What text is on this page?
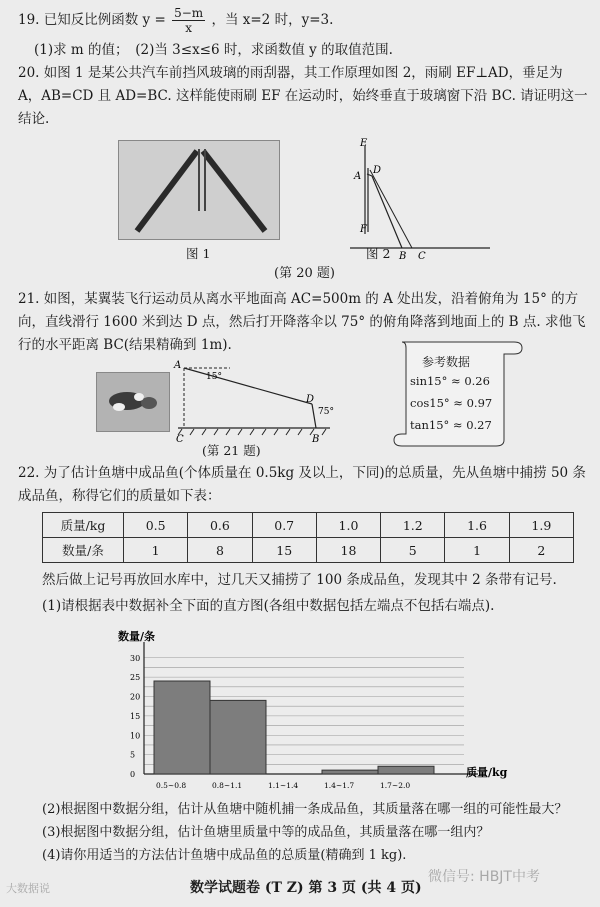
19. 已知反比例函数 $y = \frac{5-m}{x}$ ，当 x=2 时，y=3.
(1)求 m 的值；　(2)当 3≤x≤6 时，求函数值 y 的取值范围.
20. 如图 1 是某公共汽车前挡风玻璃的雨刮器，其工作原理如图 2，雨刷 EF⊥AD，垂足为 A，AB=CD 且 AD=BC. 这样能使雨刷 EF 在运动时，始终垂直于玻璃窗下沿 BC. 请证明这一结论.
图 1
E
A
D
F
B C
图 2
(第 20 题)
21. 如图，某翼装飞行运动员从离水平地面高 AC=500m 的 A 处出发，沿着俯角为 15° 的方向，直线滑行 1600 米到达 D 点，然后打开降落伞以 75° 的俯角降落到地面上的 B 点. 求他飞行的水平距离 BC(结果精确到 1m).
A
15°
D
75°
C	B
(第 21 题)
参考数据
sin15° ≈ 0.26
cos15° ≈ 0.97
tan15° ≈ 0.27
22. 为了估计鱼塘中成品鱼(个体质量在 0.5kg 及以上，下同)的总质量，先从鱼塘中捕捞 50 条成品鱼，称得它们的质量如下表：
质量/kg	0.5	0.6	0.7	1.0	1.2	1.6	1.9
数量/条	1	8	15	18	5	1	2
然后做上记号再放回水库中，过几天又捕捞了 100 条成品鱼，发现其中 2 条带有记号.
(1)请根据表中数据补全下面的直方图(各组中数据包括左端点不包括右端点).
0
5
10
15
20
25
30
0.5~0.8	0.8~1.1	1.1~1.4	1.4~1.7	1.7~2.0
数量/条
质量/kg
(2)根据图中数据分组，估计从鱼塘中随机捕一条成品鱼，其质量落在哪一组的可能性最大？
(3)根据图中数据分组，估计鱼塘里质量中等的成品鱼，其质量落在哪一组内？
(4)请你用适当的方法估计鱼塘中成品鱼的总质量(精确到 1 kg).
数学试题卷 (T Z) 第 3 页 (共 4 页)
大数据说
微信号: HBJT中考
